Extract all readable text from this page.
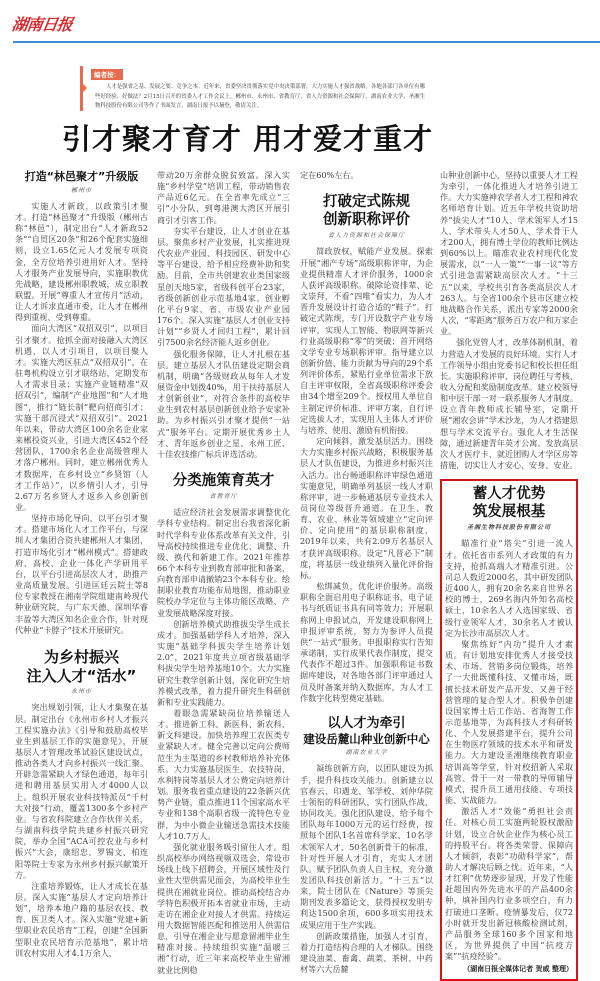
湖南日报
编者按：
人才是强省之基、发展之要、竞争之本。近年来，省委坚决贯彻落实党中央决策部署，大力实施人才强省战略。各地各部门各单位有哪些好经验、好做法？2月15日召开的省委人才工作会议上，郴州市、永州市、省教育厅、省人力资源和社会保障厅、湖南农业大学、圣湘生物科技股份有限公司等作了书面发言，湖南日报予以摘登，敬请关注。
引才聚才育才 用才爱才重才
打造“林邑聚才”升级版
郴州市

实施人才新政，以政策引才聚才。打造“林邑聚才”升级版（郴州古称“林邑”），制定出台“人才新政52条”“自贸区20条”和26个配套实施细则，设立1.65亿元人才发展专项资金，全方位培养引进用好人才。坚持人才服务产业发展导向，实施职教优先战略，建设郴州职教城，成立职教联盟。开展“尊重人才宣传月”活动，让人才诉求直通市委，让人才在郴州得到重视、受到尊重。

面向大湾区“双招双引”，以项目引才聚才。抢抓全面对接融入大湾区机遇，以人才引项目，以项目聚人才。实施大湾区驻点“双招双引”，在驻粤机构设立引才联络站，定期发布人才需求目录；实施产业链精准“双招双引”，编制“产业地图”和“人才地图”，推行“链长制”靶向招商引才；实施干部沉浸式“双招双引”。2021年以来，带动大湾区100余名企业家来郴投资兴业，引进大湾区452个经营团队、1700余名企业高级管理人才落户郴州。同时，建立郴州优秀人才数据库，在乡村设立“乡贤馆（人才工作站）”，以乡情引人才，引导2.67万名乡贤人才返乡入乡创新创业。

坚持市场化导向，以平台引才聚才。搭建市场化人才工作平台，与深圳人才集团合资共建郴州人才集团，打造市场化引才“郴州模式”。搭建政府、高校、企业一体化产学研用平台，以平台引进高层次人才，助推产业高质量发展。引进匡廷云院士等8位专家教授在湘南学院组建南岭现代种业研究院，与广东天德、深圳华睿丰盈等大湾区知名企业合作，针对现代种业“卡脖子”技术开展研究。

为乡村振兴
注入人才“活水”
永州市

突出规划引领，让人才集聚在基层。制定出台《永州市乡村人才振兴工程实施办法》《引导和鼓励高校毕业生到基层工作的实施意见》，开展基层人才管理改革试验区建设试点，推动各类人才向乡村振兴一线汇聚。开辟急需紧缺人才绿色通道，每年引进和聘用基层实用人才4000人以上。组织开展农业科技特派员“千村大对接”行动，覆盖1300多个乡村产业。与省农科院建立合作伙伴关系，与湖南科技学院共建乡村振兴研究院，举办全国“ACA可控农业与乡村振兴”大会，康绍忠、罗锡文、柏连阳等院士专家为永州乡村振兴献策开方。

注重培养锻炼，让人才成长在基层。深入实施“基层人才定向培养计划”，培养本地户籍的基层农技、教育、医卫类人才。深入实施“党建+新型职业农民培育”工程，创建“全国新型职业农民培育示范基地”，累计培训农村实用人才4.1万余人，

带动20万余群众脱贫致富。深入实施“乡村学堂”培训工程，带动销售农产品近6亿元。在全省率先成立“三引”小分队，到粤港澳大湾区开展引商引才引客工作。

夯实平台建设，让人才创业在基层。聚焦乡村产业发展，扎实推进现代农业产业园、科技园区、研发中心等平台建设，给予相应经费补助和奖励。目前，全市共创建农业类国家级星创天地5家，省级科创平台23家，省级创新创业示范基地4家、创业孵化平台9家，省、市级农业产业园176个。深入实施“基层人才创业支持计划”“乡贤人才回归工程”，累计回引7500余名经济能人返乡创业。

强化服务保障，让人才扎根在基层。建立基层人才队伍建设定期会商机制，明确“各级财政从每年人才发展资金中划拨40%，用于扶持基层人才创新创业”，对符合条件的高校毕业生到农村基层创新创业给予安家补助。为乡村振兴引才聚才提供“一站式”服务平台。定期开展优秀乡土人才、青年返乡创业之星、永州工匠、十佳农技推广标兵评选活动。

分类施策育英才
省教育厅

适应经济社会发展需求调整优化学科专业结构。制定出台我省深化新时代学科专业体系改革有关文件，引导高校持续推进专业优化、调整、升级、换代和新建工作。2021年推荐66个本科专业到教育部审批和备案，向教育部申请撤销23个本科专业。绘制职业教育功能布局地图，推动职业院校办学定位与主体功能区战略、产业发展战略深度对接。

创新培养模式助推拔尖学生成长成才。加强基础学科人才培养，深入实施“基础学科拔尖学生培养计划2.0”，2021年度共立项省级基础学科拔尖学生培养基地10个。大力实施研究生教学创新计划，深化研究生培养模式改革，着力提升研究生科研创新和专业实践能力。

着眼急需紧缺岗位培养输送人才。推进新工科、新医科、新农科、新文科建设。加快培养理工农医类专业紧缺人才。健全完善以定向公费师范生为主渠道的乡村教师培养补充体系。大力实施基层医生、农技特岗、水利特岗等基层人才公费定向培养计划。服务我省重点建设的22条新兴优势产业链，重点推进11个国家高水平专业和138个高职省级一流特色专业群，为中小微企业输送急需技术技能人才10.7万人。

强化就业服务吸引留住人才。组织高校举办网络视频双选会，常设市场线上线下招聘会，开展区域性及行业性大型供需见面会，为高校毕业生提供在湘就业岗位。推动高校结合办学特色积极开拓本省就业市场，主动走访在湘企业对接人才供需。持续运用大数据智能匹配和推送用人供需信息，引导在湘企业与愿意留湘毕业生精准对接。持续组织实施“温暖三湘”行动，近三年来高校毕业生留湘就业比例稳

定在60%左右。

打破定式陈规
创新职称评价
省人力资源和社会保障厅

简政放权，赋能产业发展。探索开展“湘产专场”高级职称评审，为企业提供精准人才评价服务，1000余人获评高级职称。破除论资排辈、论文崇拜，不看“四唯”看实力，为人才晋升发展设计打造合适的“鞋子”。打破定式陈规，专门开设数字产业专场评审，实现人工智能、物联网等新兴行业高级职称“零”的突破；首开网络文学专业专场职称评审。指导建立以创新价值、能力贡献为导向的29个系列评价体系，紧贴行业单位需求下放自主评审权限，全省高级职称评委会由34个增至209个。授权用人单位自主制定评价标准、评审方案，自行评定选拔人才，实现用人主体人才评价与培养、使用、激励有机衔接。

定向倾斜，激发基层活力。围绕大力实施乡村振兴战略，积极服务基层人才队伍建设，为推进乡村振兴注入活力。出台畅通职称评审绿色通道实施意见，明确单列基层一线人才职称评审，进一步畅通基层专业技术人员岗位等级晋升通道。在卫生、教育、农业、林业等领域建立“定向评价、定向使用”的基层职称制度，2019年以来，共有2.09万名基层人才获评高级职称。设定“凡晋必下”制度，将基层一线业绩列入量化评价指标。

松绑减负，优化评价服务。高级职称全面启用电子职称证书，电子证书与纸质证书具有同等效力；开展职称网上申报试点，开发建设职称网上申报评审系统，努力为参评人员提供“一站式”服务。申报职称实行告知承诺制，实行成果代表作制度，提交代表作不超过3件。加强职称证书数据库建设，对各地各部门评审通过人员及时备案并纳入数据库，为人才工作数字化转型奠定基础。

以人才为牵引
建设岳麓山种业创新中心
湖南农业大学

凝练创新方向，以团队建设为抓手，提升科技攻关能力。创新建立以官春云、印遇龙、邹学校、刘仲华院士领衔的科研团队，实行团队作战、协同攻关。强化团队建设，给予每个团队每年1000万元的运行经费，按照每个团队1名首席科学家、10名学术领军人才、50名创新骨干的标准，针对性开展人才引育，充实人才团队。赋予团队负责人自主权，充分激发团队科技创新活力。“十三五”以来，院士团队在《Nature》等顶尖期刊发表多篇论文，获得授权发明专利达1500余项，600多项实用技术成果应用于生产实践。

创新政策措施，加强人才引育，着力打造结构合理的人才梯队。围绕建设油菜、畜禽、蔬菜、茶树、中药材等六大岳麓

山种业创新中心，坚持以重要人才工程为牵引，一体化推进人才培养引进工作。大力实施神农学者人才工程和神农名师培育计划。近五年学校共资助培养“拔尖人才”10人、学术领军人才15人、学术带头人才50人、学术骨干人才200人，拥有博士学位的教师比例达到60%以上。瞄准农业农村现代化发展需求，以“一人一策”“一事一议”等方式引进急需紧缺高层次人才。“十三五”以来，学校共引育各类高层次人才263人。与全省100余个县市区建立校地战略合作关系，派出专家等2000余人次，“零距离”服务百万农户和万家企业。

强化党管人才，改革体制机制，着力营造人才发展的良好环境。实行人才工作领导小组由党委书记和校长担任组长。实施职称评审、岗位聘任与考核、收入分配和奖励制度改革。建立校领导和中层干部一对一联系服务人才制度。设立青年教师成长辅导室，定期开展“湘农会讲”学术沙龙，为人才搭建思想与学术交流平台。强化人才生活保障，通过新建青年英才公寓、发放高层次人才医疗卡、就近团购人才学区房等措施，切实让人才安心、安身、安业。

蓄人才优势
筑发展根基
圣湘生物科技股份有限公司

瞄准行业“塔尖”引进一流人才。依托省市系列人才政策的有力支持，抢抓高端人才精准引进。公司总人数近2000名，其中研发团队近400人，拥有20余名来自世界名校的博士，269名海内外知名高校硕士，10余名人才入选国家级、省级行业领军人才，30余名人才被认定为长沙市高层次人才。

聚焦练好“内功”提升人才素质。有计划地安排优秀人才接受技术、市场、营销多岗位锻炼，培养了一大批既懂科技、又懂市场，既擅长技术研发产品开发、又善于经营管理的复合型人才。积极争创建设国家博士后工作站、省海智工作示范基地等，为高科技人才科研转化、个人发展搭建平台，提升公司在生物医疗领域的技术水平和研发能力。大力建设圣湘继续教育职业培训高等学堂，针对校招新人采取高管、骨干一对一带教的导师辅导模式，提升员工通用技能、专项技能、实战能力。

激活人才“效能”勇担社会责任。对核心员工实施两轮股权激励计划，设立合伙企业作为核心员工的持股平台。将各类荣誉、保障向人才倾斜，表彰“功勋科学家”，帮助人才解决后顾之忧。近年来，“人才红利”优势逐步显现，开发了性能赶超国内外先进水平的产品400余种，填补国内行业多项空白，有力打破进口垄断。疫情暴发后，仅72小时就开发出新冠核酸检测试剂，产品服务全球160多个国家和地区，为世界提供了中国“抗疫方案”“抗疫经验”。

（湖南日报全媒体记者 贺威 整理）
